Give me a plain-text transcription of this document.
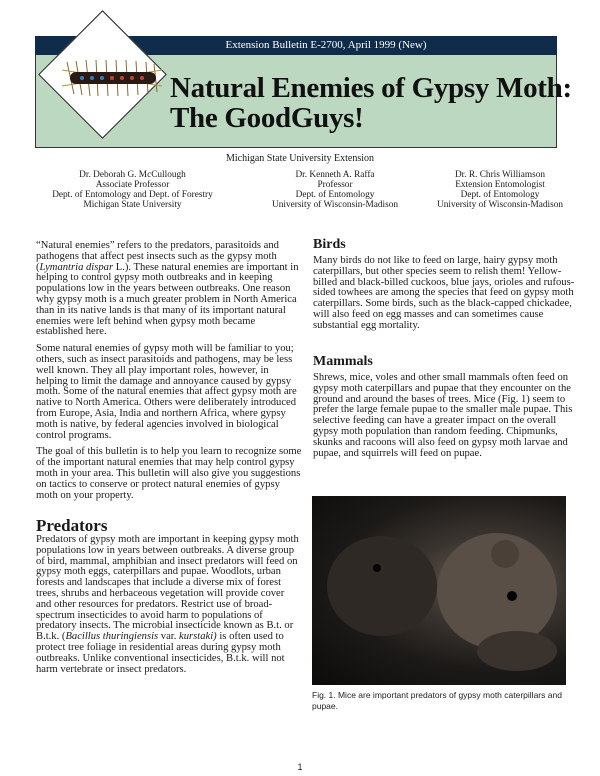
Extension Bulletin E-2700, April 1999 (New)
Natural Enemies of Gypsy Moth:
The GoodGuys!
Michigan State University Extension
Dr. Deborah G. McCullough
Associate Professor
Dept. of Entomology and Dept. of Forestry
Michigan State University
Dr. Kenneth A. Raffa
Professor
Dept. of Entomology
University of Wisconsin-Madison
Dr. R. Chris Williamson
Extension Entomologist
Dept. of Entomology
University of Wisconsin-Madison

“Natural enemies” refers to the predators, parasitoids and pathogens that affect pest insects such as the gypsy moth (Lymantria dispar L.). These natural enemies are important in helping to control gypsy moth outbreaks and in keeping populations low in the years between outbreaks. One reason why gypsy moth is a much greater problem in North America than in its native lands is that many of its important natural enemies were left behind when gypsy moth became established here.

Some natural enemies of gypsy moth will be familiar to you; others, such as insect parasitoids and pathogens, may be less well known. They all play important roles, however, in helping to limit the damage and annoyance caused by gypsy moth. Some of the natural enemies that affect gypsy moth are native to North America. Others were deliberately introduced from Europe, Asia, India and northern Africa, where gypsy moth is native, by federal agencies involved in biological control programs.

The goal of this bulletin is to help you learn to recognize some of the important natural enemies that may help control gypsy moth in your area. This bulletin will also give you suggestions on tactics to conserve or protect natural enemies of gypsy moth on your property.

Predators

Predators of gypsy moth are important in keeping gypsy moth populations low in years between outbreaks. A diverse group of bird, mammal, amphibian and insect predators will feed on gypsy moth eggs, caterpillars and pupae. Woodlots, urban forests and landscapes that include a diverse mix of forest trees, shrubs and herbaceous vegetation will provide cover and other resources for predators. Restrict use of broad-spectrum insecticides to avoid harm to populations of predatory insects. The microbial insecticide known as B.t. or B.t.k. (Bacillus thuringiensis var. kurstaki) is often used to protect tree foliage in residential areas during gypsy moth outbreaks. Unlike conventional insecticides, B.t.k. will not harm vertebrate or insect predators.

Birds

Many birds do not like to feed on large, hairy gypsy moth caterpillars, but other species seem to relish them! Yellow-billed and black-billed cuckoos, blue jays, orioles and rufous-sided towhees are among the species that feed on gypsy moth caterpillars. Some birds, such as the black-capped chickadee, will also feed on egg masses and can sometimes cause substantial egg mortality.

Mammals

Shrews, mice, voles and other small mammals often feed on gypsy moth caterpillars and pupae that they encounter on the ground and around the bases of trees. Mice (Fig. 1) seem to prefer the large female pupae to the smaller male pupae. This selective feeding can have a greater impact on the overall gypsy moth population than random feeding. Chipmunks, skunks and racoons will also feed on gypsy moth larvae and pupae, and squirrels will feed on pupae.

Fig. 1. Mice are important predators of gypsy moth caterpillars and pupae.
1
